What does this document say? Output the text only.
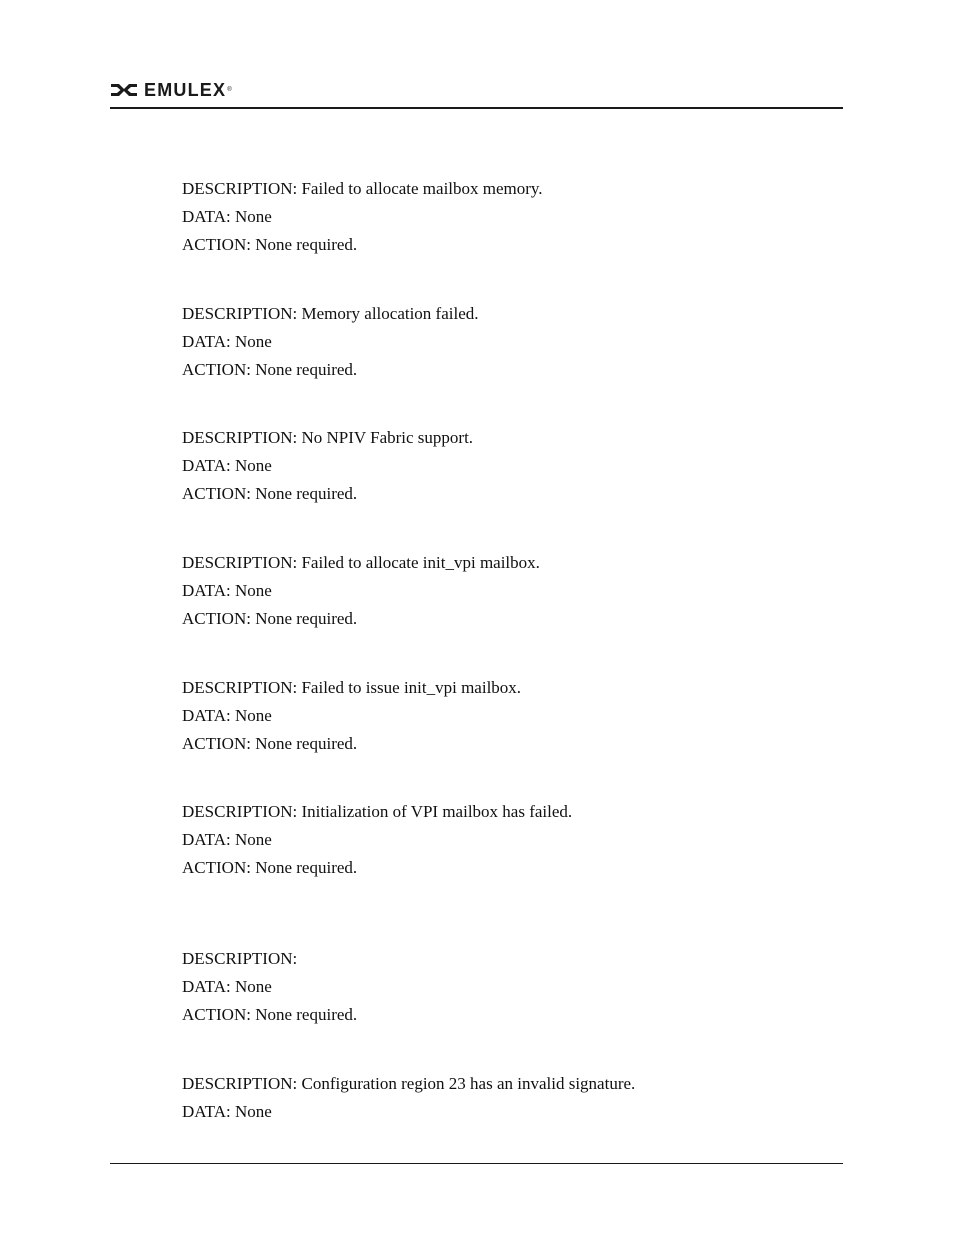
EMULEX ®
DESCRIPTION: Failed to allocate mailbox memory.
DATA: None
ACTION: None required.
DESCRIPTION: Memory allocation failed.
DATA: None
ACTION: None required.
DESCRIPTION: No NPIV Fabric support.
DATA: None
ACTION: None required.
DESCRIPTION: Failed to allocate init_vpi mailbox.
DATA: None
ACTION: None required.
DESCRIPTION: Failed to issue init_vpi mailbox.
DATA: None
ACTION: None required.
DESCRIPTION: Initialization of VPI mailbox has failed.
DATA: None
ACTION: None required.
DESCRIPTION:
DATA: None
ACTION: None required.
DESCRIPTION: Configuration region 23 has an invalid signature.
DATA: None
